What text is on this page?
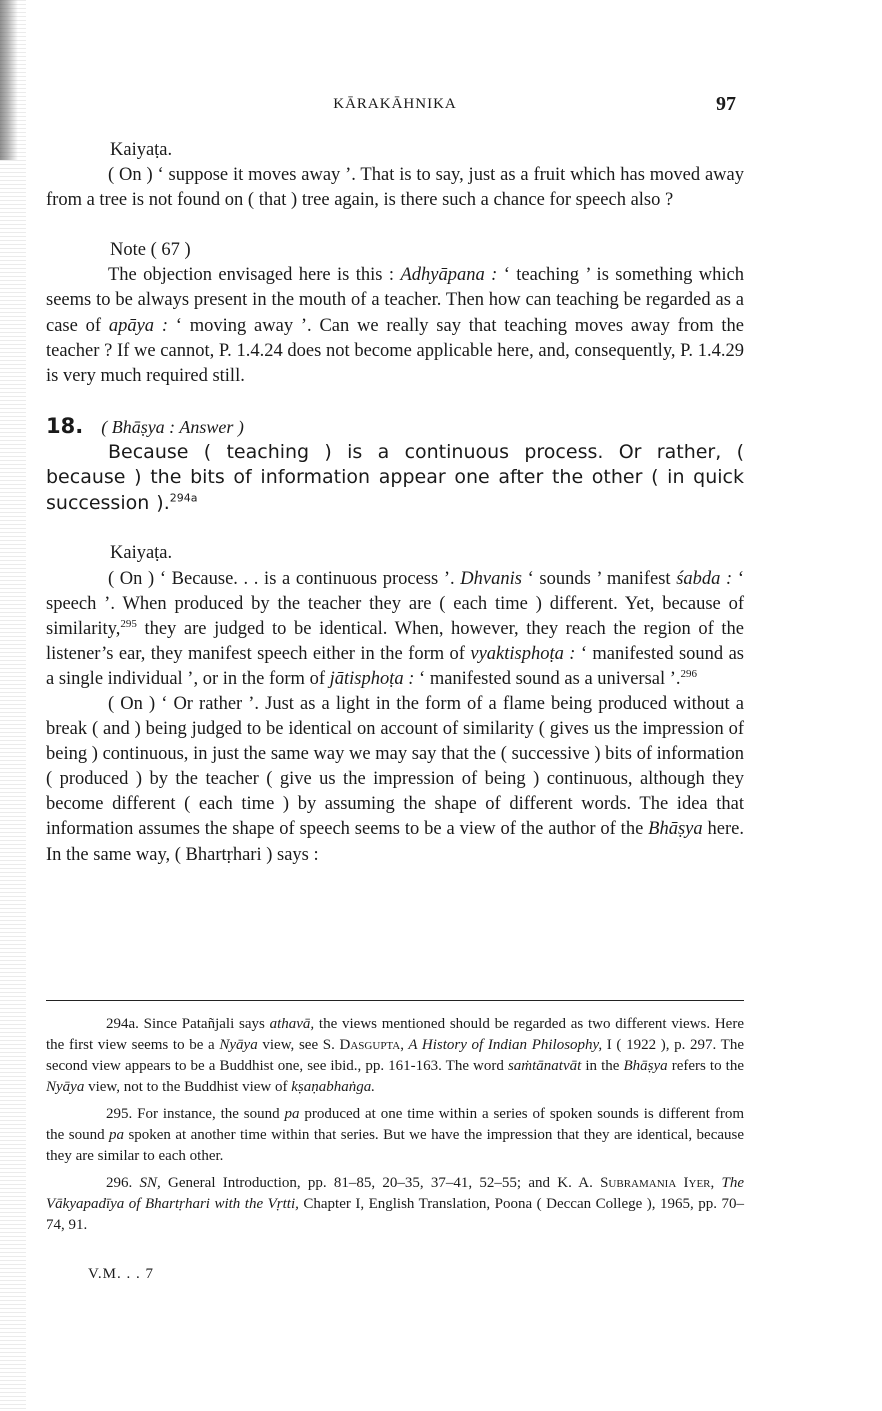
KĀRAKĀHNIKA	97

Kaiyaṭa.

( On ) ‘ suppose it moves away ’. That is to say, just as a fruit which has moved away from a tree is not found on ( that ) tree again, is there such a chance for speech also ?

Note ( 67 )

The objection envisaged here is this : Adhyāpana : ‘ teaching ’ is something which seems to be always present in the mouth of a teacher. Then how can teaching be regarded as a case of apāya : ‘ moving away ’. Can we really say that teaching moves away from the teacher ? If we cannot, P. 1.4.24 does not become applicable here, and, consequently, P. 1.4.29 is very much required still.

18. ( Bhāṣya : Answer )

Because ( teaching ) is a continuous process. Or rather, ( because ) the bits of information appear one after the other ( in quick succession ).$^{294a}$

Kaiyaṭa.

( On ) ‘ Because. . . is a continuous process ’. Dhvanis ‘ sounds ’ manifest śabda : ‘ speech ’. When produced by the teacher they are ( each time ) different. Yet, because of similarity,$^{295}$ they are judged to be identical. When, however, they reach the region of the listener’s ear, they manifest speech either in the form of vyaktisphoṭa : ‘ manifested sound as a single individual ’, or in the form of jātisphoṭa : ‘ manifested sound as a universal ’.$^{296}$

( On ) ‘ Or rather ’. Just as a light in the form of a flame being produced without a break ( and ) being judged to be identical on account of similarity ( gives us the impression of being ) continuous, in just the same way we may say that the ( successive ) bits of information ( produced ) by the teacher ( give us the impression of being ) continuous, although they become different ( each time ) by assuming the shape of different words. The idea that information assumes the shape of speech seems to be a view of the author of the Bhāṣya here. In the same way, ( Bhartṛhari ) says :

294a. Since Patañjali says athavā, the views mentioned should be regarded as two different views. Here the first view seems to be a Nyāya view, see S. Dasgupta, A History of Indian Philosophy, I ( 1922 ), p. 297. The second view appears to be a Buddhist one, see ibid., pp. 161-163. The word saṁtānatvāt in the Bhāṣya refers to the Nyāya view, not to the Buddhist view of kṣaṇabhaṅga.

295. For instance, the sound pa produced at one time within a series of spoken sounds is different from the sound pa spoken at another time within that series. But we have the impression that they are identical, because they are similar to each other.

296. SN, General Introduction, pp. 81–85, 20–35, 37–41, 52–55; and K. A. Subramania Iyer, The Vākyapadīya of Bhartṛhari with the Vṛtti, Chapter I, English Translation, Poona ( Deccan College ), 1965, pp. 70–74, 91.

V.M. . . 7
